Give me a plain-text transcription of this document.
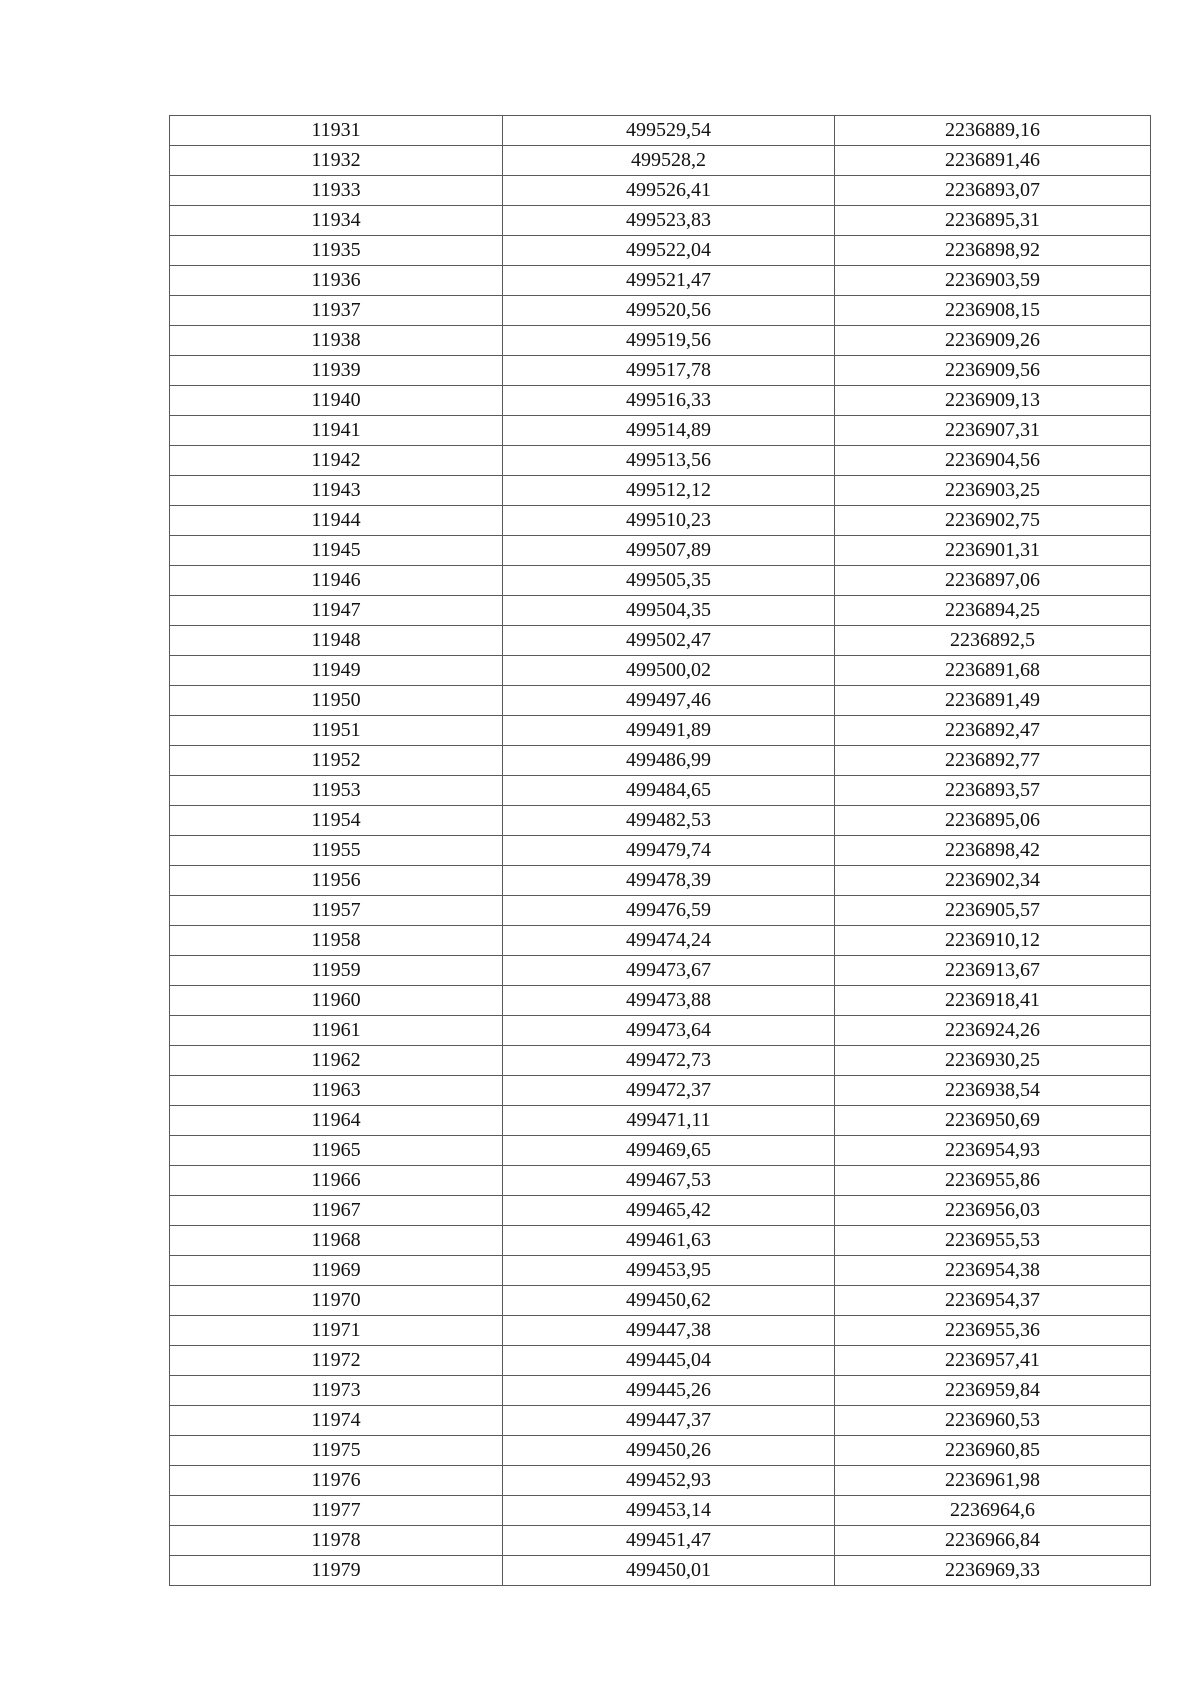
11931	499529,54	2236889,16
11932	499528,2	2236891,46
11933	499526,41	2236893,07
11934	499523,83	2236895,31
11935	499522,04	2236898,92
11936	499521,47	2236903,59
11937	499520,56	2236908,15
11938	499519,56	2236909,26
11939	499517,78	2236909,56
11940	499516,33	2236909,13
11941	499514,89	2236907,31
11942	499513,56	2236904,56
11943	499512,12	2236903,25
11944	499510,23	2236902,75
11945	499507,89	2236901,31
11946	499505,35	2236897,06
11947	499504,35	2236894,25
11948	499502,47	2236892,5
11949	499500,02	2236891,68
11950	499497,46	2236891,49
11951	499491,89	2236892,47
11952	499486,99	2236892,77
11953	499484,65	2236893,57
11954	499482,53	2236895,06
11955	499479,74	2236898,42
11956	499478,39	2236902,34
11957	499476,59	2236905,57
11958	499474,24	2236910,12
11959	499473,67	2236913,67
11960	499473,88	2236918,41
11961	499473,64	2236924,26
11962	499472,73	2236930,25
11963	499472,37	2236938,54
11964	499471,11	2236950,69
11965	499469,65	2236954,93
11966	499467,53	2236955,86
11967	499465,42	2236956,03
11968	499461,63	2236955,53
11969	499453,95	2236954,38
11970	499450,62	2236954,37
11971	499447,38	2236955,36
11972	499445,04	2236957,41
11973	499445,26	2236959,84
11974	499447,37	2236960,53
11975	499450,26	2236960,85
11976	499452,93	2236961,98
11977	499453,14	2236964,6
11978	499451,47	2236966,84
11979	499450,01	2236969,33
